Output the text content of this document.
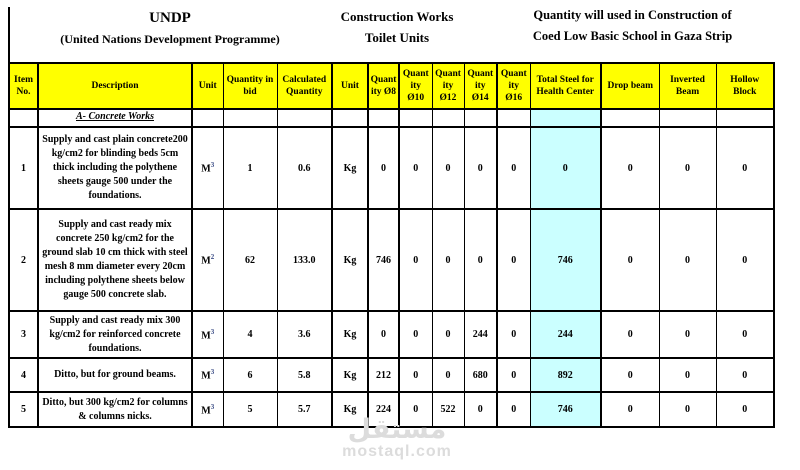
UNDP
(United Nations Development Programme)
Construction Works
Toilet Units
Quantity will used in Construction of
Coed Low Basic School in Gaza Strip
Item No.	Description	Unit	Quantity in bid	Calculated Quantity	Unit	Quant ity Ø8	Quant ity Ø10	Quant ity Ø12	Quant ity Ø14	Quant ity Ø16	Total Steel for Health Center	Drop beam	Inverted Beam	Hollow Block
	A- Concrete Works													
1	Supply and cast plain concrete200 kg/cm2 for blinding beds 5cm thick including the polythene sheets gauge 500 under the foundations.	$M^3$	1	0.6	Kg	0	0	0	0	0	0	0	0	0
2	Supply and cast ready mix concrete 250 kg/cm2 for the ground slab 10 cm thick with steel mesh 8 mm diameter every 20cm including polythene sheets below gauge 500 concrete slab.	$M^2$	62	133.0	Kg	746	0	0	0	0	746	0	0	0
3	Supply and cast ready mix 300 kg/cm2 for reinforced concrete foundations.	$M^3$	4	3.6	Kg	0	0	0	244	0	244	0	0	0
4	Ditto, but for ground beams.	$M^3$	6	5.8	Kg	212	0	0	680	0	892	0	0	0
5	Ditto, but 300 kg/cm2 for columns & columns nicks.	$M^3$	5	5.7	Kg	224	0	522	0	0	746	0	0	0
مستقل
mostaql.com
